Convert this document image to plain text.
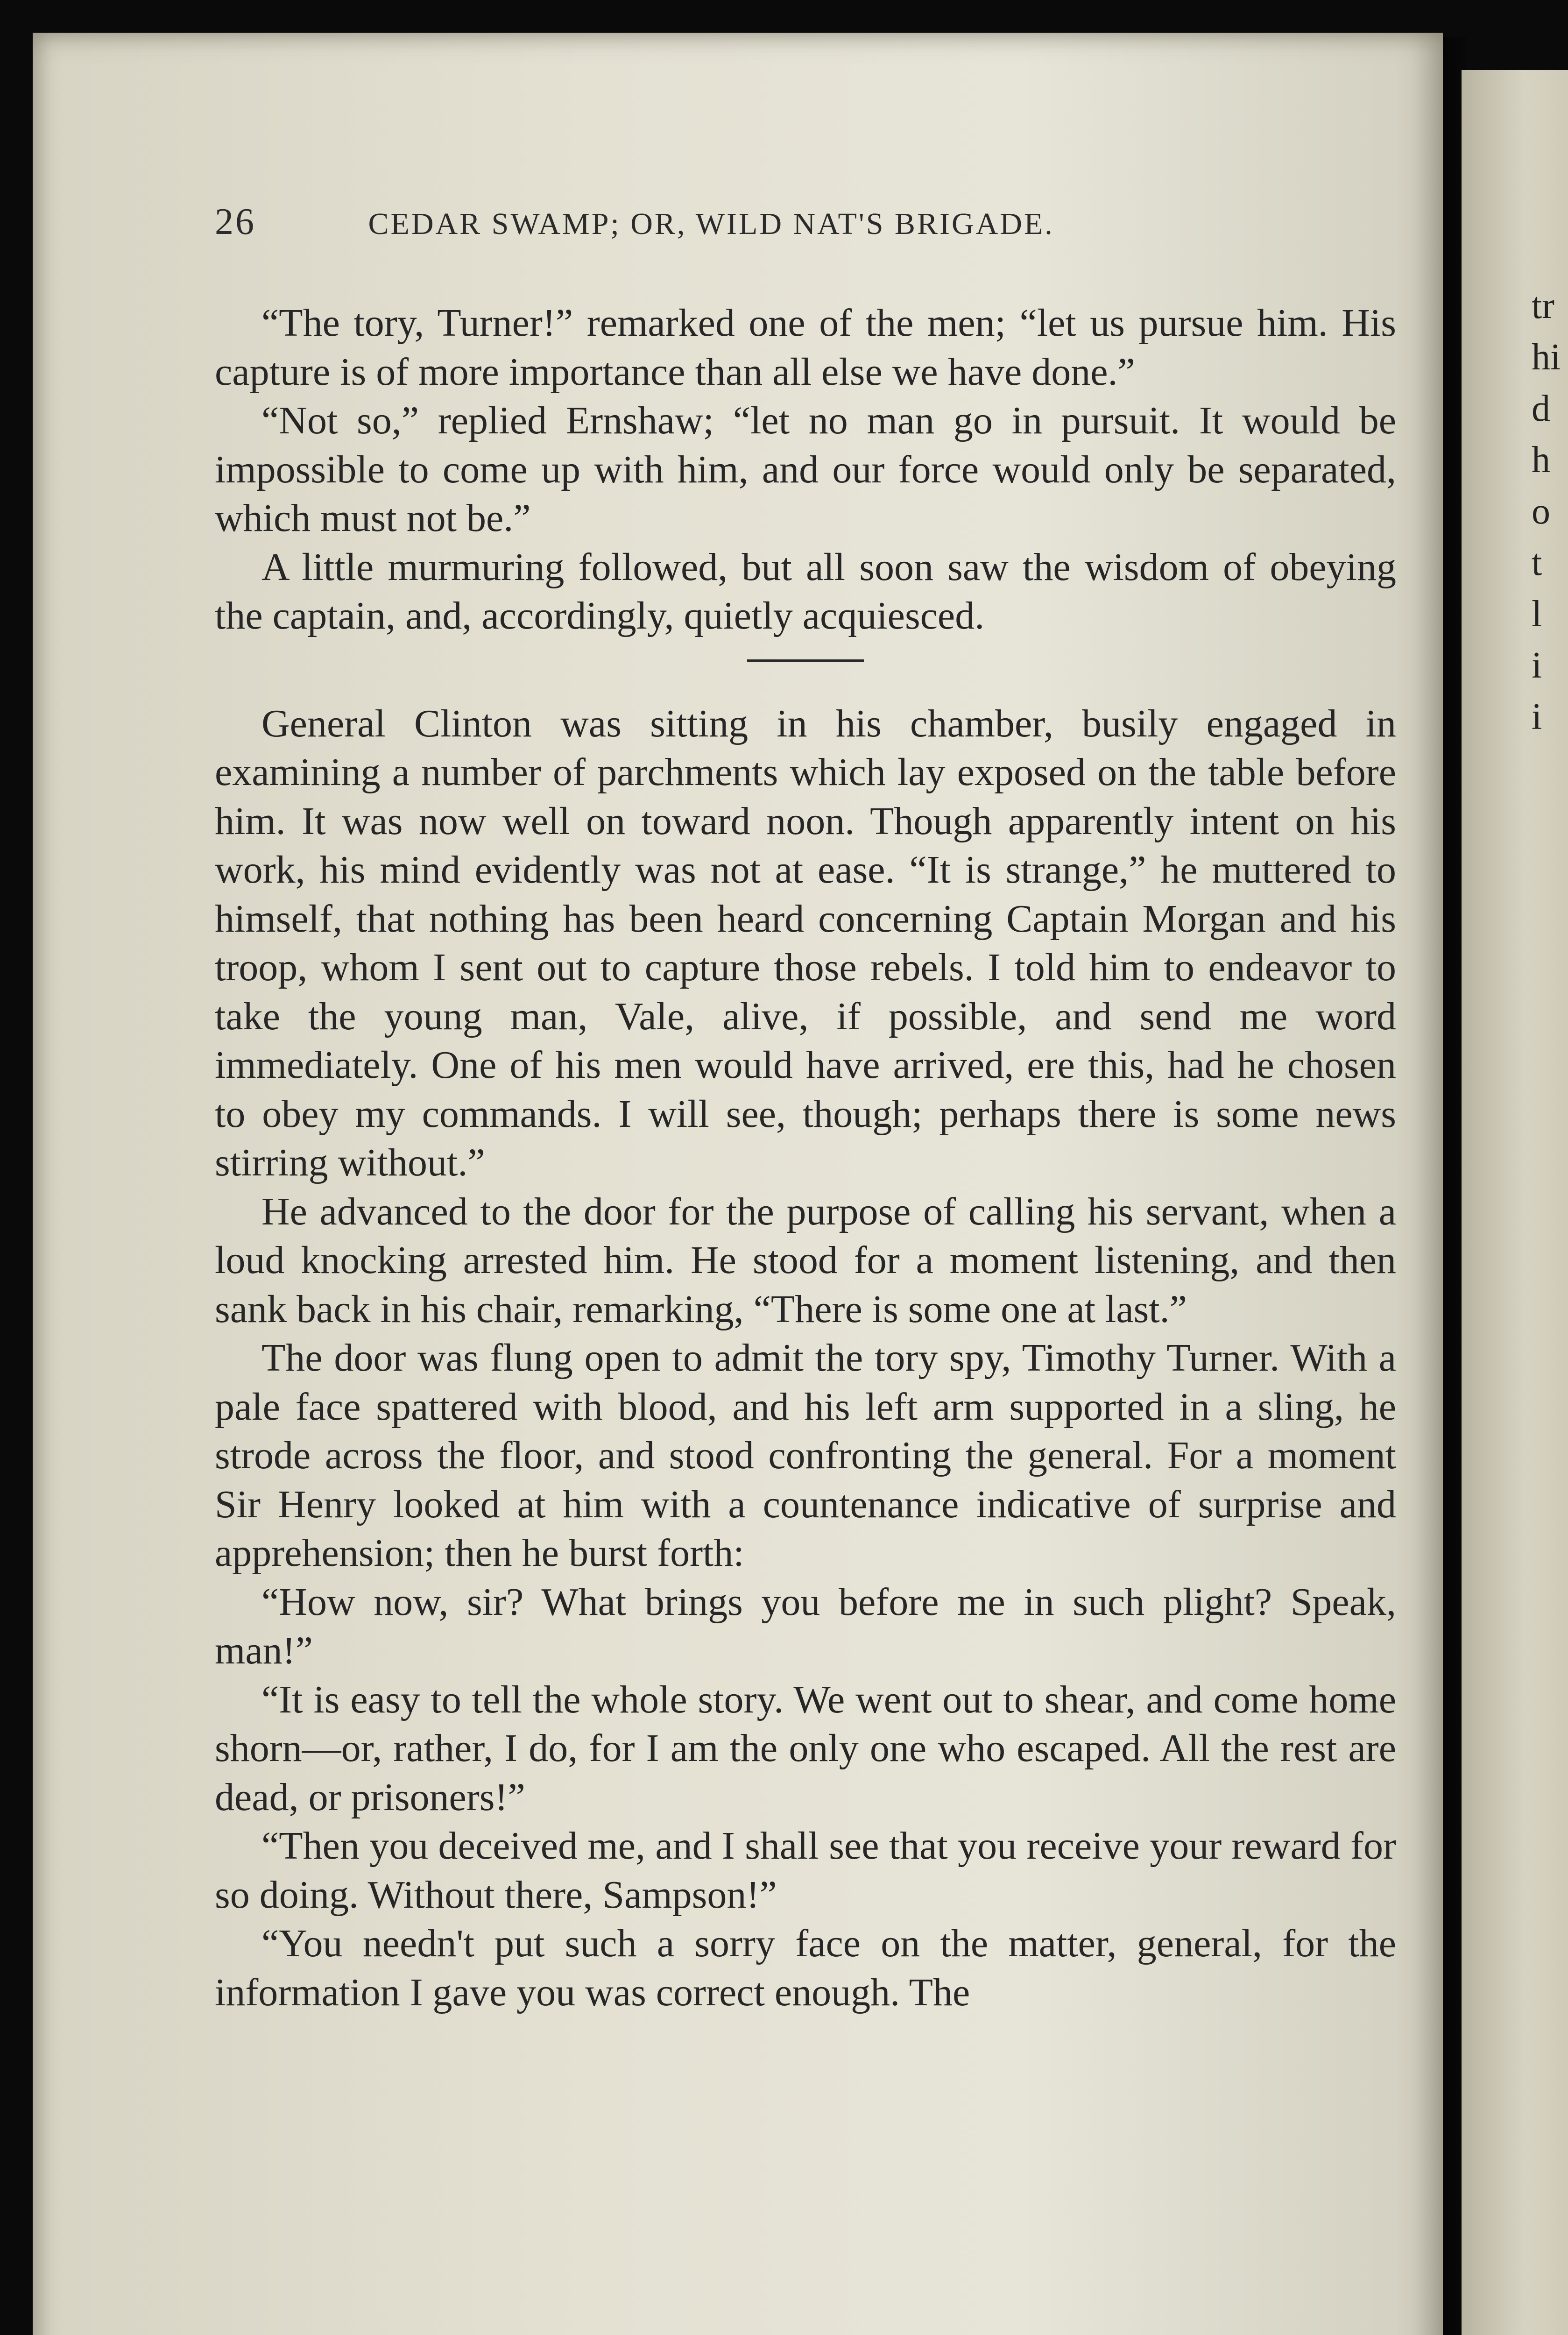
tr
hi
d
h
o
t
l
i
i
26	CEDAR SWAMP; OR, WILD NAT'S BRIGADE.

“The tory, Turner!” remarked one of the men; “let us pursue him. His capture is of more importance than all else we have done.”

“Not so,” replied Ernshaw; “let no man go in pursuit. It would be impossible to come up with him, and our force would only be separated, which must not be.”

A little murmuring followed, but all soon saw the wisdom of obeying the captain, and, accordingly, quietly acquiesced.

General Clinton was sitting in his chamber, busily engaged in examining a number of parchments which lay exposed on the table before him. It was now well on toward noon. Though apparently intent on his work, his mind evidently was not at ease. “It is strange,” he muttered to himself, that nothing has been heard concerning Captain Morgan and his troop, whom I sent out to capture those rebels. I told him to endeavor to take the young man, Vale, alive, if possible, and send me word immediately. One of his men would have arrived, ere this, had he chosen to obey my commands. I will see, though; perhaps there is some news stirring without.”

He advanced to the door for the purpose of calling his servant, when a loud knocking arrested him. He stood for a moment listening, and then sank back in his chair, remarking, “There is some one at last.”

The door was flung open to admit the tory spy, Timothy Turner. With a pale face spattered with blood, and his left arm supported in a sling, he strode across the floor, and stood confronting the general. For a moment Sir Henry looked at him with a countenance indicative of surprise and apprehension; then he burst forth:

“How now, sir? What brings you before me in such plight? Speak, man!”

“It is easy to tell the whole story. We went out to shear, and come home shorn—or, rather, I do, for I am the only one who escaped. All the rest are dead, or prisoners!”

“Then you deceived me, and I shall see that you receive your reward for so doing. Without there, Sampson!”

“You needn't put such a sorry face on the matter, general, for the information I gave you was correct enough. The
